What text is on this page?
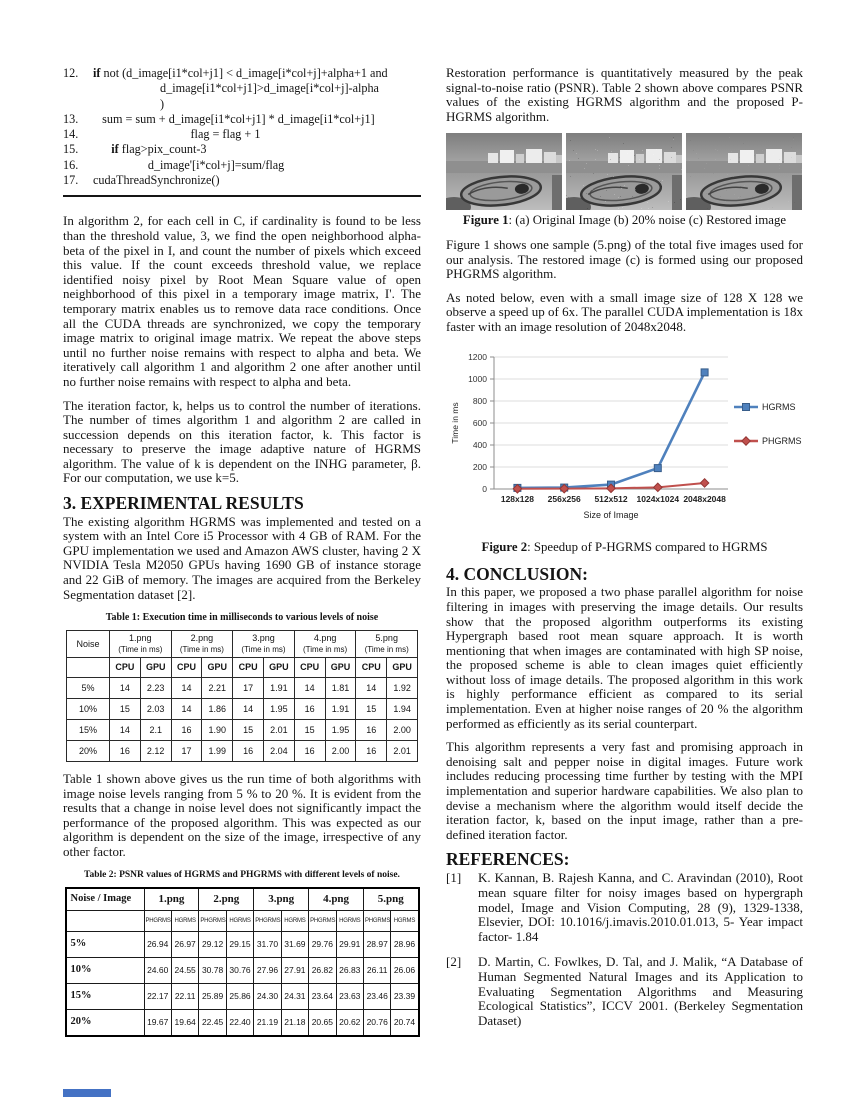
12.	if not (d_image[i1*col+j1] < d_image[i*col+j]+alpha+1 and
d_image[i1*col+j1]>d_image[i*col+j]-alpha
)
13.	sum = sum + d_image[i1*col+j1] * d_image[i1*col+j1]
14.	flag = flag + 1
15.	if flag>pix_count-3
16.	d_image'[i*col+j]=sum/flag
17.	cudaThreadSynchronize()

In algorithm 2, for each cell in C, if cardinality is found to be less than the threshold value, 3, we find the open neighborhood alpha-beta of the pixel in I, and count the number of pixels which exceed this value. If the count exceeds threshold value, we replace identified noisy pixel by Root Mean Square value of open neighborhood of this pixel in a temporary image matrix, I'. The temporary matrix enables us to remove data race conditions. Once all the CUDA threads are synchronized, we copy the temporary image matrix to original image matrix. We repeat the above steps until no further noise remains with respect to alpha and beta. We iteratively call algorithm 1 and algorithm 2 one after another until no further noise remains with respect to alpha and beta.

The iteration factor, k, helps us to control the number of iterations. The number of times algorithm 1 and algorithm 2 are called in succession depends on this iteration factor, k. This factor is necessary to preserve the image adaptive nature of HGRMS algorithm. The value of k is dependent on the INHG parameter, β. For our computation, we use k=5.

3. EXPERIMENTAL RESULTS

The existing algorithm HGRMS was implemented and tested on a system with an Intel Core i5 Processor with 4 GB of RAM. For the GPU implementation we used and Amazon AWS cluster, having 2 X NVIDIA Tesla M2050 GPUs having 1690 GB of instance storage and 22 GiB of memory. The images are acquired from the Berkeley Segmentation dataset [2].

Table 1: Execution time in milliseconds to various levels of noise
Noise	1.png
(Time in ms)		2.png
(Time in ms)		3.png
(Time in ms)		4.png
(Time in ms)		5.png
(Time in ms)	
	CPU	GPU	CPU	GPU	CPU	GPU	CPU	GPU	CPU	GPU
5%	14	2.23	14	2.21	17	1.91	14	1.81	14	1.92
10%	15	2.03	14	1.86	14	1.95	16	1.91	15	1.94
15%	14	2.1	16	1.90	15	2.01	15	1.95	16	2.00
20%	16	2.12	17	1.99	16	2.04	16	2.00	16	2.01

Table 1 shown above gives us the run time of both algorithms with image noise levels ranging from 5 % to 20 %. It is evident from the results that a change in noise level does not significantly impact the performance of the proposed algorithm. This was expected as our algorithm is dependent on the size of the image, irrespective of any other factor.

Table 2: PSNR values of HGRMS and PHGRMS with different levels of noise.
Noise / Image	1.png		2.png		3.png		4.png		5.png	
	PHGRMS	HGRMS	PHGRMS	HGRMS	PHGRMS	HGRMS	PHGRMS	HGRMS	PHGRMS	HGRMS
5%	26.94	26.97	29.12	29.15	31.70	31.69	29.76	29.91	28.97	28.96
10%	24.60	24.55	30.78	30.76	27.96	27.91	26.82	26.83	26.11	26.06
15%	22.17	22.11	25.89	25.86	24.30	24.31	23.64	23.63	23.46	23.39
20%	19.67	19.64	22.45	22.40	21.19	21.18	20.65	20.62	20.76	20.74

Restoration performance is quantitatively measured by the peak signal-to-noise ratio (PSNR). Table 2 shown above compares PSNR values of the existing HGRMS algorithm and the proposed P-HGRMS algorithm.

Figure 1: (a) Original Image (b) 20% noise (c) Restored image

Figure 1 shows one sample (5.png) of the total five images used for our analysis. The restored image (c) is formed using our proposed PHGRMS algorithm.

As noted below, even with a small image size of 128 X 128 we observe a speed up of 6x. The parallel CUDA implementation is 18x faster with an image resolution of 2048x2048.

0
200
400
600
800
1000
1200
128x128 256x256 512x512 1024x1024 2048x2048
Size of Image
Time in ms	HGRMS
PHGRMS
Figure 2: Speedup of P-HGRMS compared to HGRMS
4. CONCLUSION:

In this paper, we proposed a two phase parallel algorithm for noise filtering in images with preserving the image details. Our results show that the proposed algorithm outperforms its existing Hypergraph based root mean square approach. It is worth mentioning that when images are contaminated with high SP noise, the proposed scheme is able to clean images quiet efficiently without loss of image details. The proposed algorithm in this work is highly performance efficient as compared to its serial implementation. Even at higher noise ranges of 20 % the algorithm performed as efficiently as its serial counterpart.

This algorithm represents a very fast and promising approach in denoising salt and pepper noise in digital images. Future work includes reducing processing time further by testing with the MPI implementation and superior hardware capabilities. We also plan to devise a mechanism where the algorithm would itself decide the iteration factor, k, based on the input image, rather than a pre-defined iteration factor.

REFERENCES:
[1]	K. Kannan, B. Rajesh Kanna, and C. Aravindan (2010), Root mean square filter for noisy images based on hypergraph model, Image and Vision Computing, 28 (9), 1329-1338, Elsevier, DOI: 10.1016/j.imavis.2010.01.013, 5- Year impact factor- 1.84
[2]	D. Martin, C. Fowlkes, D. Tal, and J. Malik, “A Database of Human Segmented Natural Images and its Application to Evaluating Segmentation Algorithms and Measuring Ecological Statistics”, ICCV 2001. (Berkeley Segmentation Dataset)
